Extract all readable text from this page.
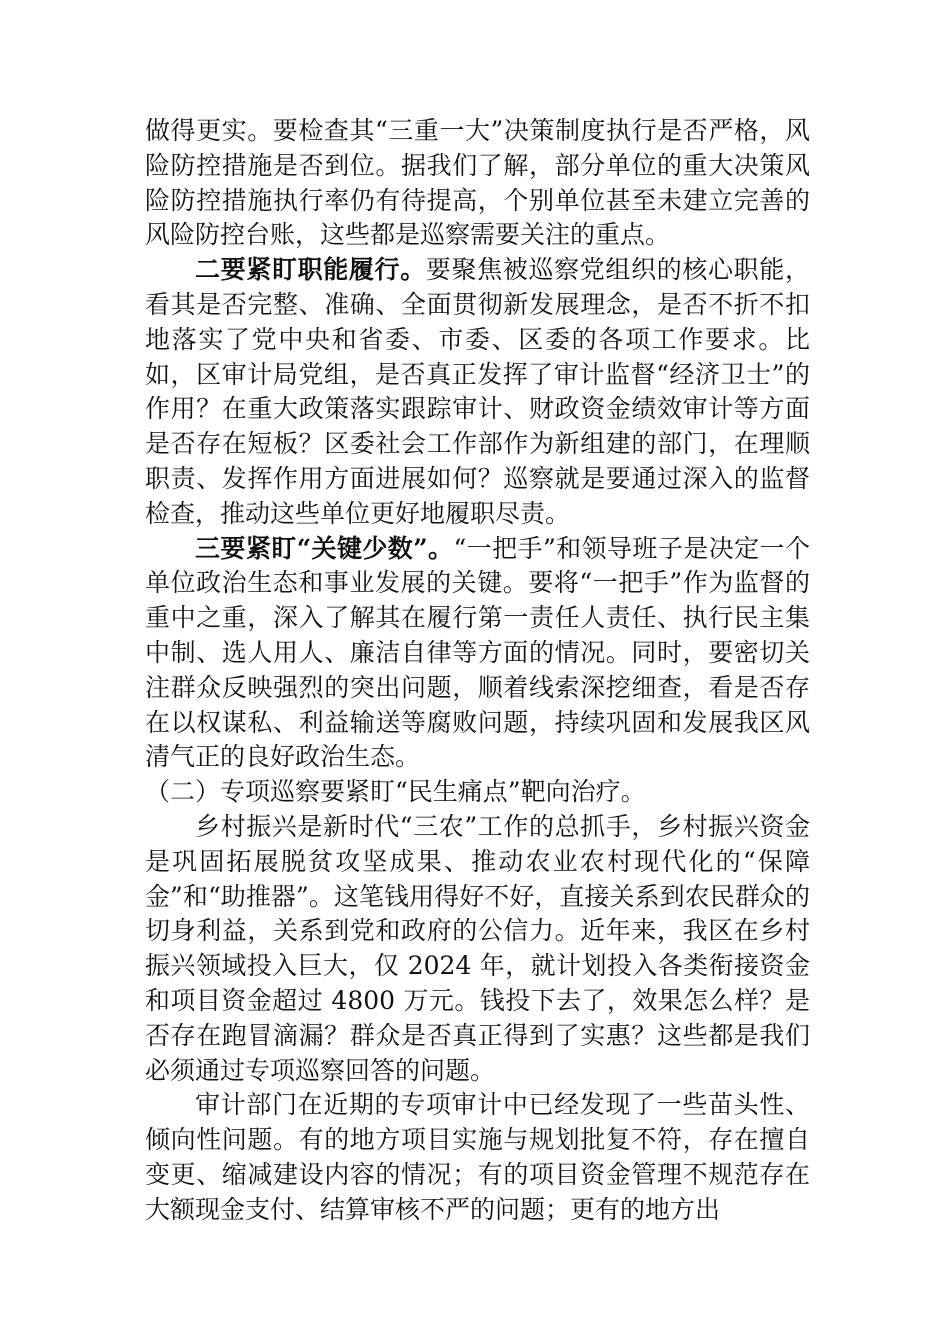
做得更实。要检查其“三重一大”决策制度执行是否严格，风险防控措施是否到位。据我们了解，部分单位的重大决策风险防控措施执行率仍有待提高，个别单位甚至未建立完善的风险防控台账，这些都是巡察需要关注的重点。

二要紧盯职能履行。要聚焦被巡察党组织的核心职能，看其是否完整、准确、全面贯彻新发展理念，是否不折不扣地落实了党中央和省委、市委、区委的各项工作要求。比如，区审计局党组，是否真正发挥了审计监督“经济卫士”的作用？在重大政策落实跟踪审计、财政资金绩效审计等方面是否存在短板？区委社会工作部作为新组建的部门，在理顺职责、发挥作用方面进展如何？巡察就是要通过深入的监督检查，推动这些单位更好地履职尽责。

三要紧盯“关键少数”。“一把手”和领导班子是决定一个单位政治生态和事业发展的关键。要将“一把手”作为监督的重中之重，深入了解其在履行第一责任人责任、执行民主集中制、选人用人、廉洁自律等方面的情况。同时，要密切关注群众反映强烈的突出问题，顺着线索深挖细查，看是否存在以权谋私、利益输送等腐败问题，持续巩固和发展我区风清气正的良好政治生态。

（二）专项巡察要紧盯“民生痛点”靶向治疗。

乡村振兴是新时代“三农”工作的总抓手，乡村振兴资金是巩固拓展脱贫攻坚成果、推动农业农村现代化的“保障金”和“助推器”。这笔钱用得好不好，直接关系到农民群众的切身利益，关系到党和政府的公信力。近年来，我区在乡村振兴领域投入巨大，仅 2024 年，就计划投入各类衔接资金和项目资金超过 4800 万元。钱投下去了，效果怎么样？是否存在跑冒滴漏？群众是否真正得到了实惠？这些都是我们必须通过专项巡察回答的问题。

审计部门在近期的专项审计中已经发现了一些苗头性、倾向性问题。有的地方项目实施与规划批复不符，存在擅自变更、缩减建设内容的情况；有的项目资金管理不规范存在大额现金支付、结算审核不严的问题；更有的地方出
